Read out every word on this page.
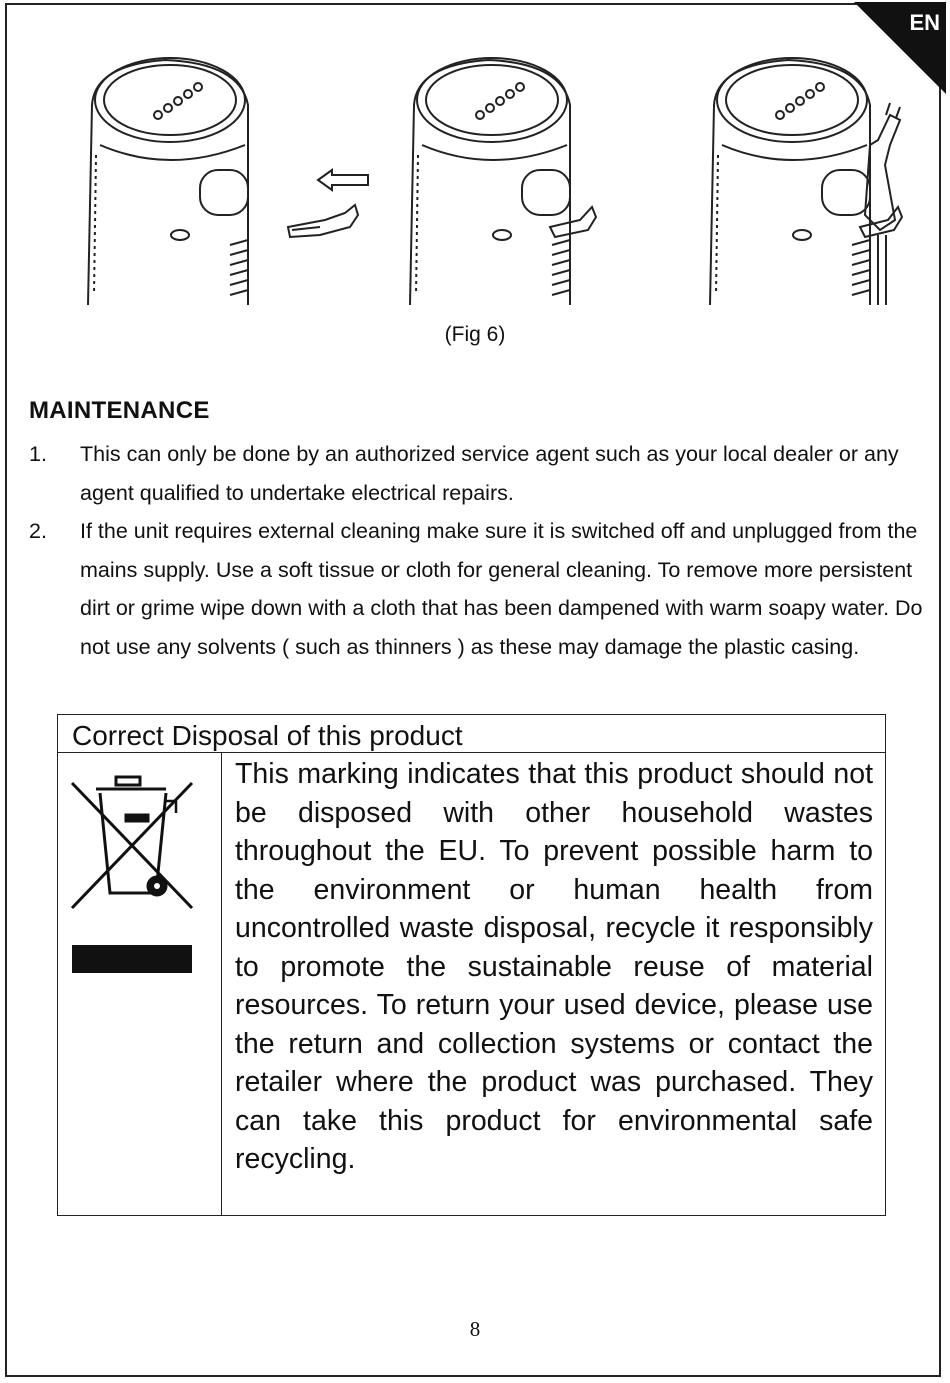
EN
(Fig 6)
MAINTENANCE
1. This can only be done by an authorized service agent such as your local dealer or any agent qualified to undertake electrical repairs.
2. If the unit requires external cleaning make sure it is switched off and unplugged from the mains supply. Use a soft tissue or cloth for general cleaning. To remove more persistent dirt or grime wipe down with a cloth that has been dampened with warm soapy water. Do not use any solvents ( such as thinners ) as these may damage the plastic casing.
Correct Disposal of this product
This marking indicates that this product should not be disposed with other household wastes throughout the EU. To prevent possible harm to the environment or human health from uncontrolled waste disposal, recycle it responsibly to promote the sustainable reuse of material resources. To return your used device, please use the return and collection systems or contact the retailer where the product was purchased. They can take this product for environmental safe recycling.
8
